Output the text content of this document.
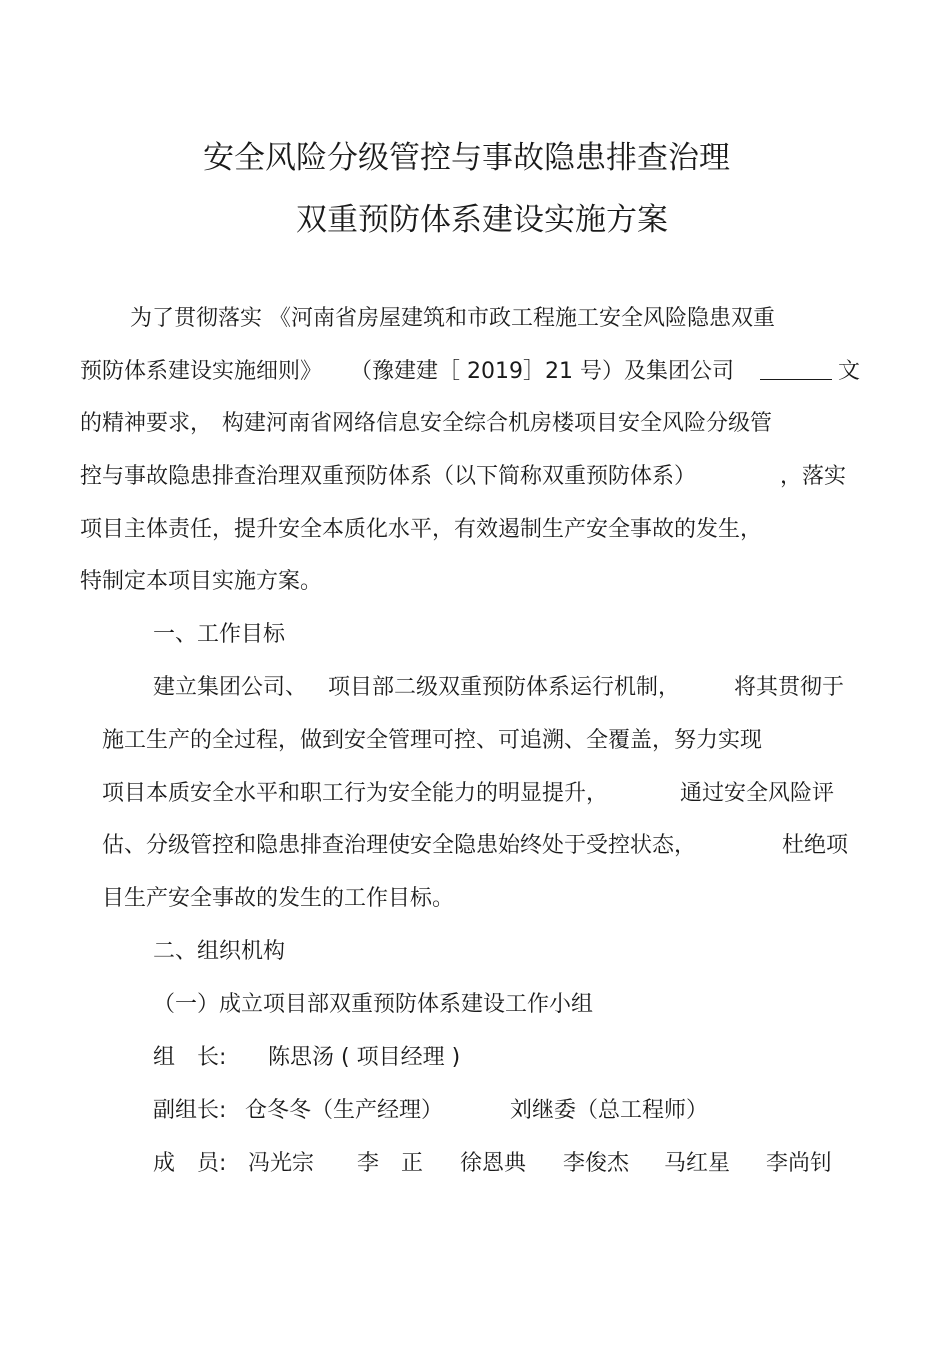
安全风险分级管控与事故隐患排查治理
双重预防体系建设实施方案
为了贯彻落实 《河南省房屋建筑和市政工程施工安全风险隐患双重
预防体系建设实施细则》 （豫建建［ 2019］21 号）及集团公司	文
的精神要求， 构建河南省网络信息安全综合机房楼项目安全风险分级管
控与事故隐患排查治理双重预防体系（以下简称双重预防体系）	，落实
项目主体责任，提升安全本质化水平，有效遏制生产安全事故的发生，
特制定本项目实施方案。
一、工作目标
建立集团公司、 项目部二级双重预防体系运行机制， 将其贯彻于
施工生产的全过程，做到安全管理可控、可追溯、全覆盖，努力实现
项目本质安全水平和职工行为安全能力的明显提升，	通过安全风险评
估、分级管控和隐患排查治理使安全隐患始终处于受控状态，	杜绝项
目生产安全事故的发生的工作目标。
二、组织机构
（一）成立项目部双重预防体系建设工作小组
组　长: 陈思汤 ( 项目经理 )
副组长: 仓冬冬（生产经理）	刘继委（总工程师）
成　员: 冯光宗 李　正 徐恩典 李俊杰 马红星 李尚钊
